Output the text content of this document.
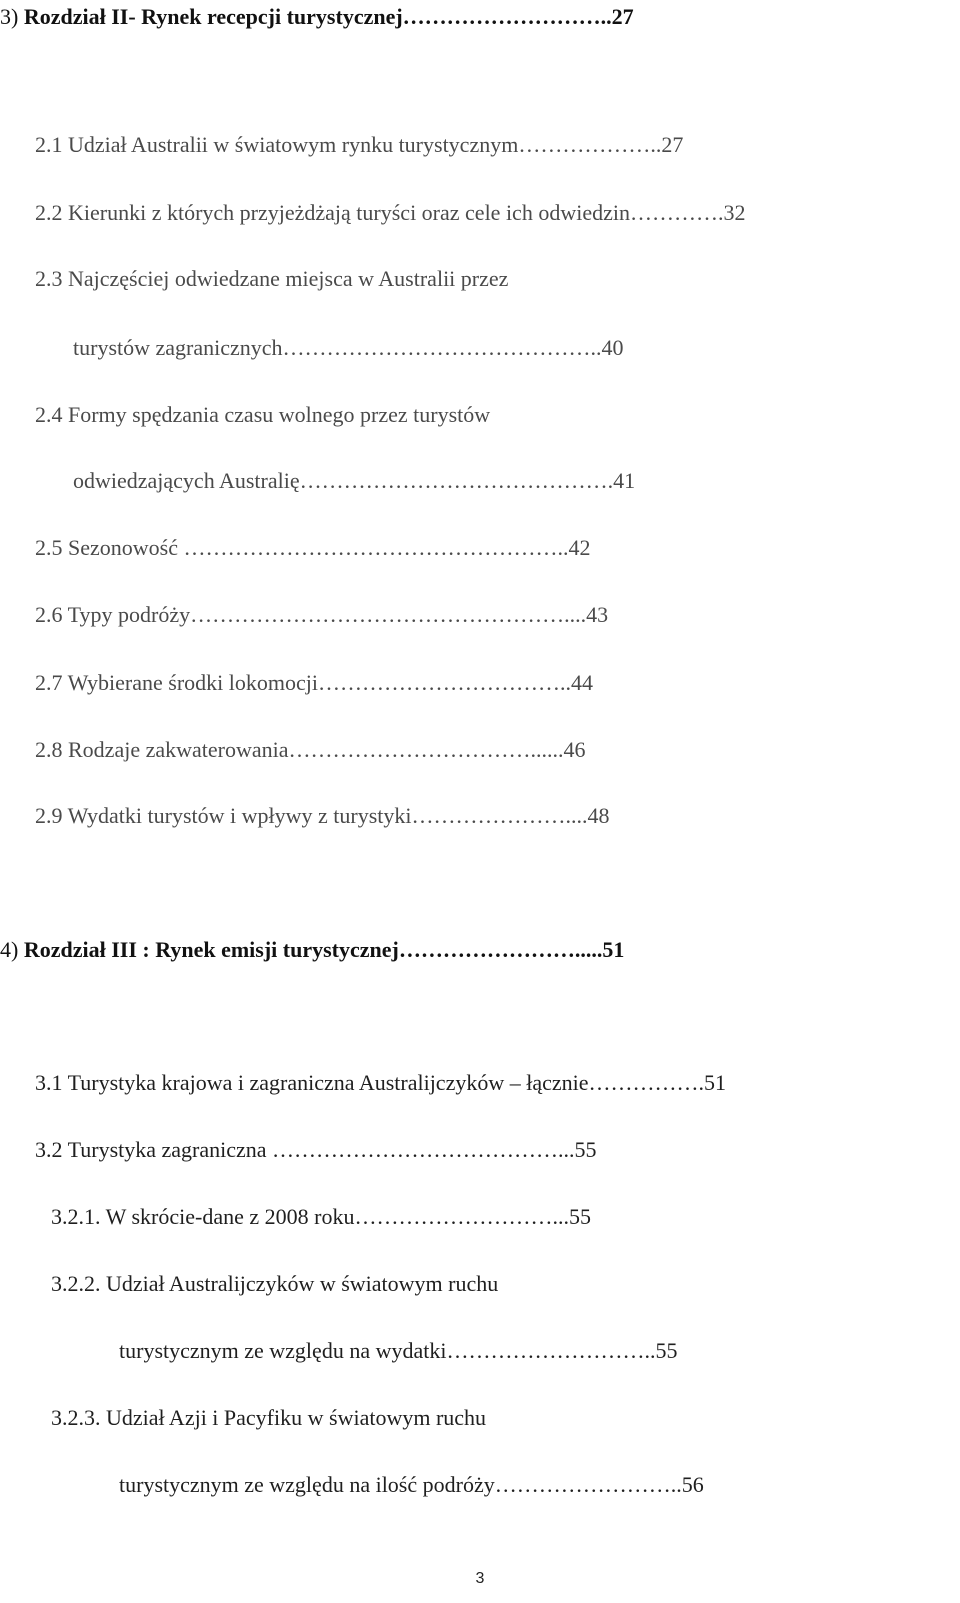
3) Rozdział II- Rynek recepcji turystycznej………………………..27
2.1 Udział Australii w światowym rynku turystycznym………………..27
2.2 Kierunki z których przyjeżdżają turyści oraz cele ich odwiedzin………….32
2.3 Najczęściej odwiedzane miejsca w Australii przez
turystów zagranicznych……………………………………..40
2.4 Formy spędzania czasu wolnego przez turystów
odwiedzających Australię…………………………………….41
2.5 Sezonowość ……………………………………………..42
2.6 Typy podróży……………………………………………....43
2.7 Wybierane środki lokomocji……………………………..44
2.8 Rodzaje zakwaterowania……………………………......46
2.9 Wydatki turystów i wpływy z turystyki…………………....48
4) Rozdział III : Rynek emisji turystycznej…………………….....51
3.1 Turystyka krajowa i zagraniczna Australijczyków – łącznie…………….51
3.2 Turystyka zagraniczna …………………………………...55
3.2.1. W skrócie-dane z 2008 roku………………………...55
3.2.2. Udział Australijczyków w światowym ruchu
turystycznym ze względu na wydatki………………………..55
3.2.3. Udział Azji i Pacyfiku w światowym ruchu
turystycznym ze względu na ilość podróży……………………..56
3
